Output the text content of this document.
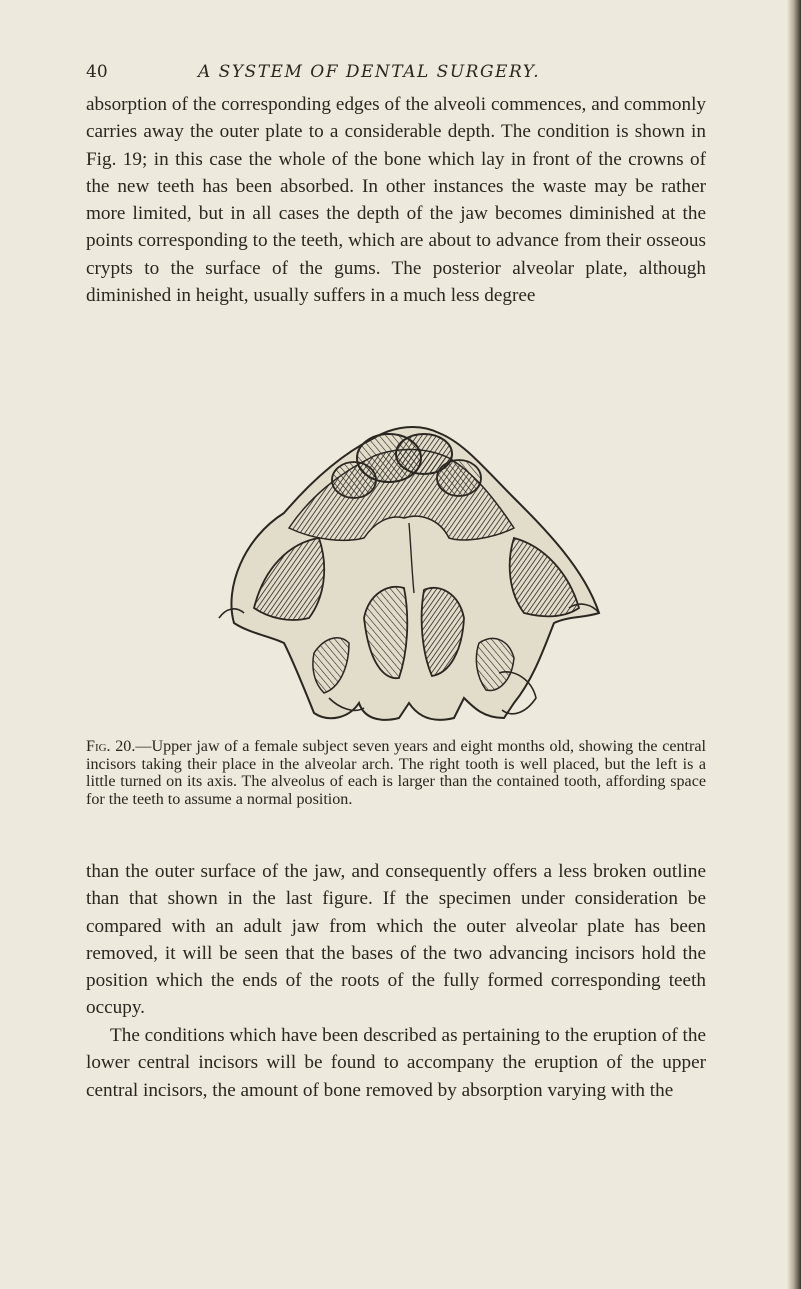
40	A SYSTEM OF DENTAL SURGERY.

absorption of the corresponding edges of the alveoli commences, and commonly carries away the outer plate to a considerable depth. The condition is shown in Fig. 19; in this case the whole of the bone which lay in front of the crowns of the new teeth has been absorbed. In other instances the waste may be rather more limited, but in all cases the depth of the jaw becomes diminished at the points corresponding to the teeth, which are about to advance from their osseous crypts to the surface of the gums. The posterior alveolar plate, although diminished in height, usually suffers in a much less degree

Fig. 20.—Upper jaw of a female subject seven years and eight months old, showing the central incisors taking their place in the alveolar arch. The right tooth is well placed, but the left is a little turned on its axis. The alveolus of each is larger than the contained tooth, affording space for the teeth to assume a normal position.

than the outer surface of the jaw, and consequently offers a less broken outline than that shown in the last figure. If the specimen under consideration be compared with an adult jaw from which the outer alveolar plate has been removed, it will be seen that the bases of the two advancing incisors hold the position which the ends of the roots of the fully formed corresponding teeth occupy.

The conditions which have been described as pertaining to the eruption of the lower central incisors will be found to accompany the eruption of the upper central incisors, the amount of bone removed by absorption varying with the
